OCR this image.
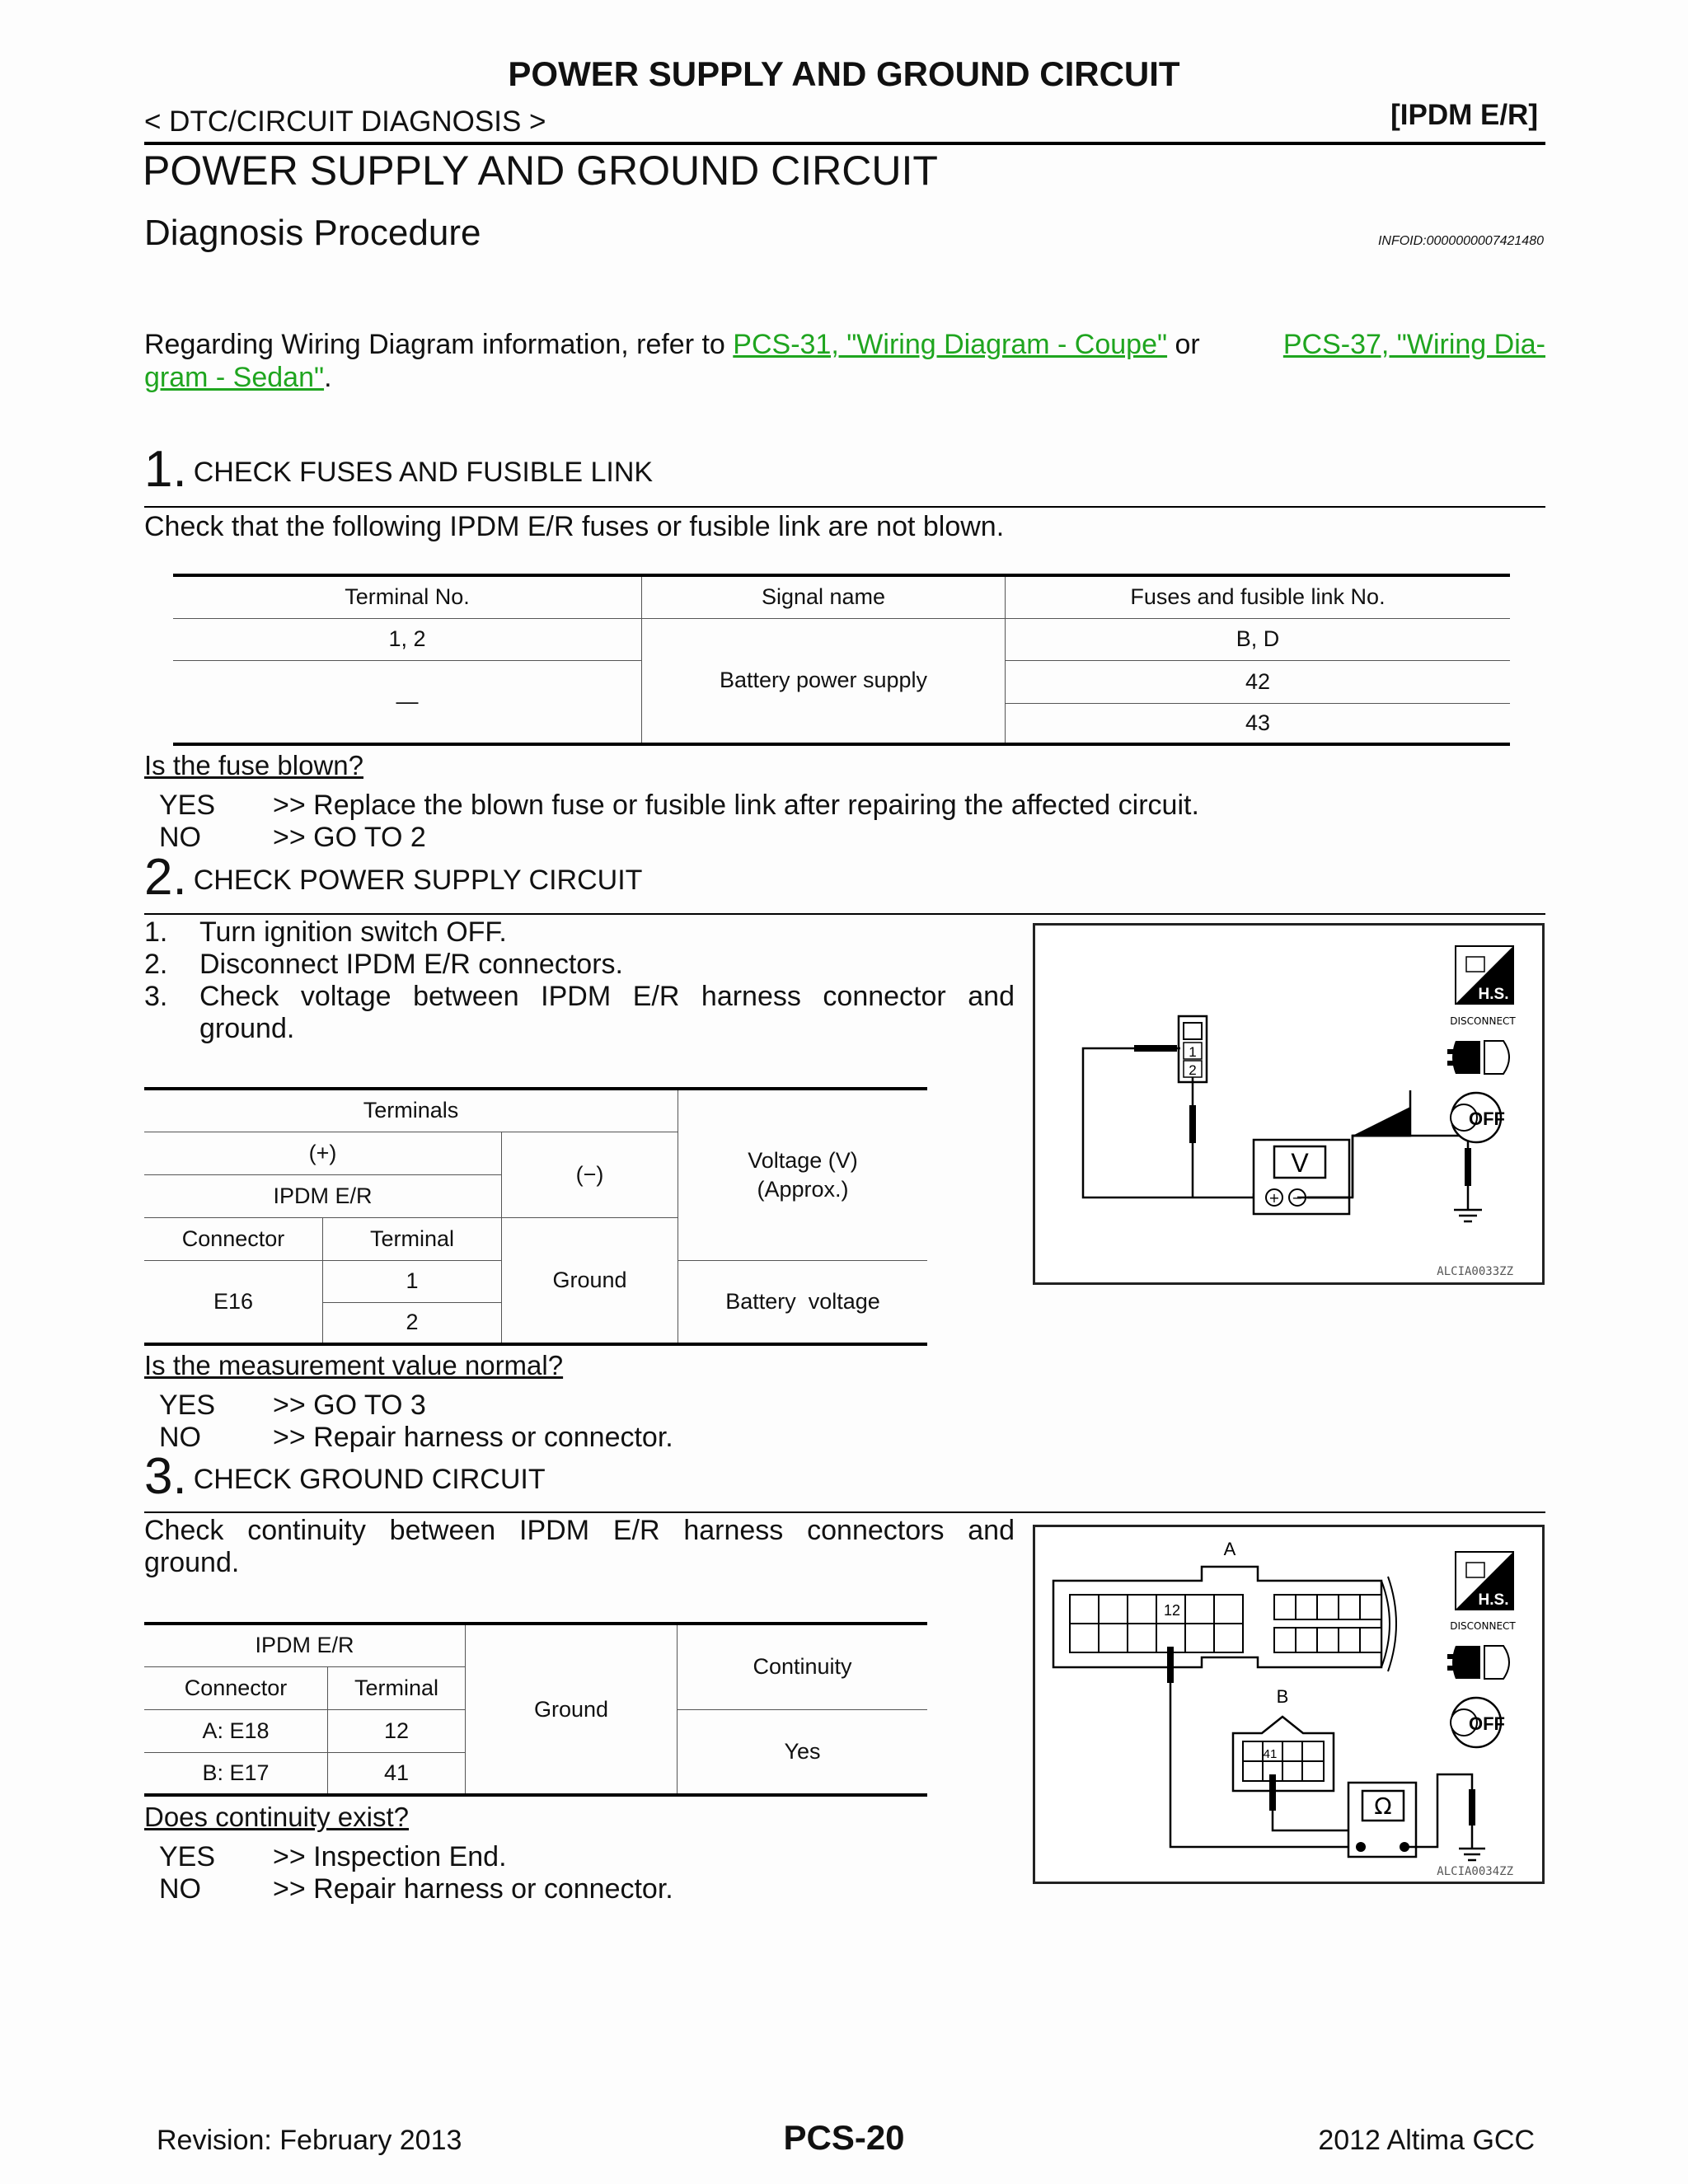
POWER SUPPLY AND GROUND CIRCUIT
< DTC/CIRCUIT DIAGNOSIS >	[IPDM E/R]
POWER SUPPLY AND GROUND CIRCUIT
Diagnosis Procedure	INFOID:0000000007421480
Regarding Wiring Diagram information, refer to PCS-31, "Wiring Diagram - Coupe" or	PCS-37, "Wiring Dia-

gram - Sedan".
1. CHECK FUSES AND FUSIBLE LINK
Check that the following IPDM E/R fuses or fusible link are not blown.
Terminal No.	Signal name	Fuses and fusible link No.
1, 2	Battery power supply	B, D
—		42
		43
Is the fuse blown?
YES >> Replace the blown fuse or fusible link after repairing the affected circuit.
NO	>> GO TO 2
2. CHECK POWER SUPPLY CIRCUIT
1.	Turn ignition switch OFF.
2.	Disconnect IPDM E/R connectors.
3.	Check voltage between IPDM E/R harness connector and ground.
Terminals			Voltage (V)
(Approx.)

(+)		(−)	
IPDM E/R			
Connector	Terminal	Ground	
E16	1		Battery  voltage
	2		
V
+ −
1
2
H.S.
DISCONNECT
OFF
ALCIA0033ZZ
Is the measurement value normal?
YES >> GO TO 3
NO	>> Repair harness or connector.
3. CHECK GROUND CIRCUIT
Check continuity between IPDM E/R harness connectors and
ground.
IPDM E/R		Ground	Continuity
Connector	Terminal		
A: E18	12		Yes
B: E17	41		
A
12
B
41
Ω
H.S.
DISCONNECT
OFF
ALCIA0034ZZ
Does continuity exist?
YES >> Inspection End.
NO	>> Repair harness or connector.
Revision: February 2013	PCS-20	2012 Altima GCC
